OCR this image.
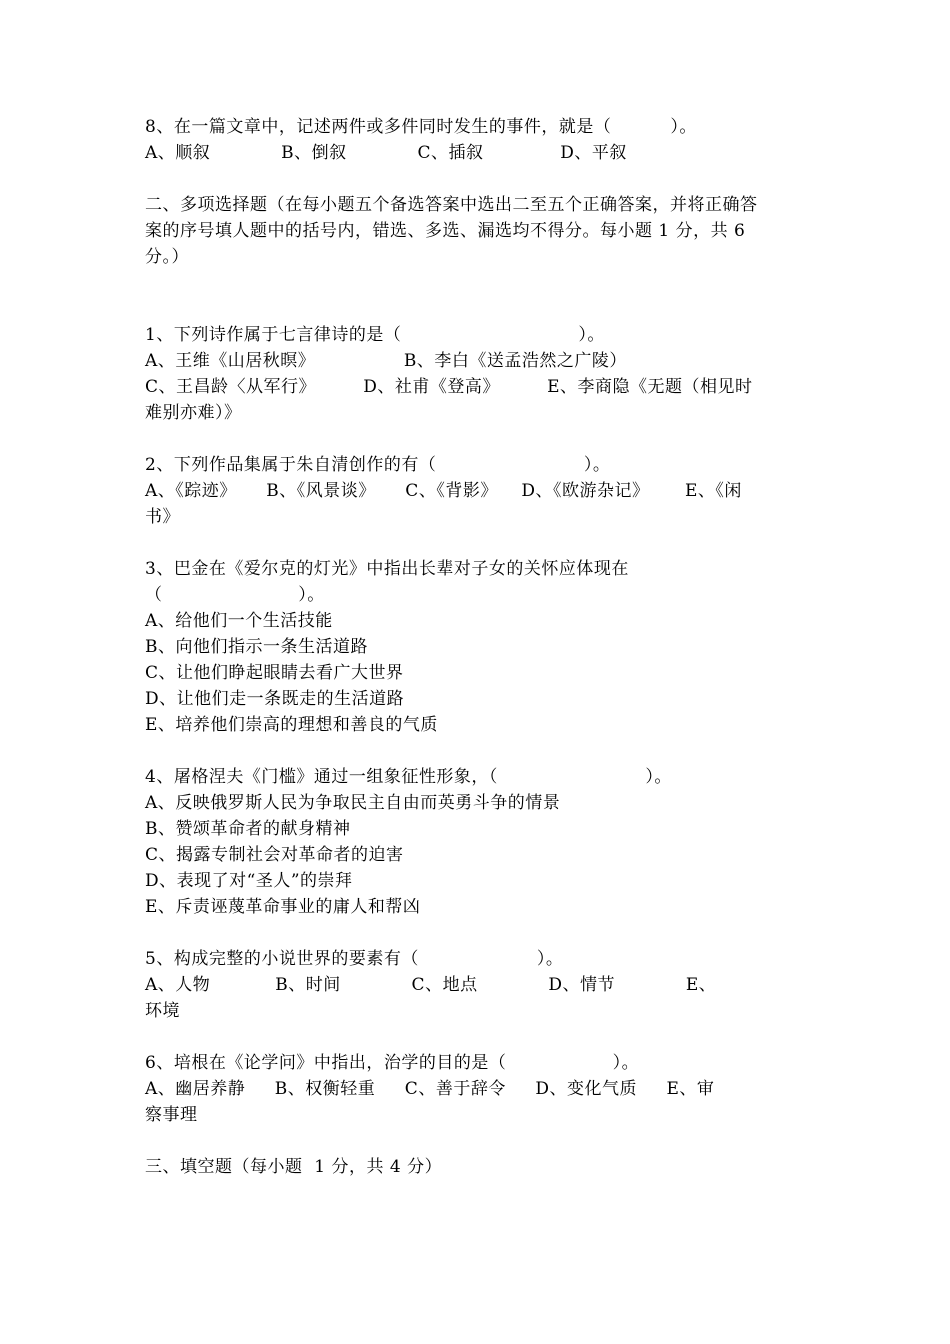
8、在一篇文章中，记述两件或多件同时发生的事件，就是（          ）。
A、顺叙            B、倒叙            C、插叙             D、平叙
二、多项选择题（在每小题五个备选答案中选出二至五个正确答案，并将正确答
案的序号填人题中的括号内，错选、多选、漏选均不得分。每小题 1 分，共 6
分。）
1、下列诗作属于七言律诗的是（                              ）。
A、王维《山居秋暝》               B、李白《送孟浩然之广陵）
C、王昌龄〈从军行》        D、社甫《登高》        E、李商隐《无题（相见时
难别亦难）》
2、下列作品集属于朱自清创作的有（                         ）。
A、《踪迹》     B、《风景谈》     C、《背影》    D、《欧游杂记》      E、《闲
书》
3、巴金在《爱尔克的灯光》中指出长辈对子女的关怀应体现在
（                       ）。
A、给他们一个生活技能
B、向他们指示一条生活道路
C、让他们睁起眼睛去看广大世界
D、让他们走一条既走的生活道路
E、培养他们崇高的理想和善良的气质
4、屠格涅夫《门槛》通过一组象征性形象，（                         ）。
A、反映俄罗斯人民为争取民主自由而英勇斗争的情景
B、赞颂革命者的献身精神
C、揭露专制社会对革命者的迫害
D、表现了对“圣人”的崇拜
E、斥责诬蔑革命事业的庸人和帮凶
5、构成完整的小说世界的要素有（                    ）。
A、人物           B、时间            C、地点            D、情节            E、
环境
6、培根在《论学问》中指出，治学的目的是（                  ）。
A、幽居养静     B、权衡轻重     C、善于辞令     D、变化气质     E、审
察事理
三、填空题（每小题  1 分，共 4 分）
